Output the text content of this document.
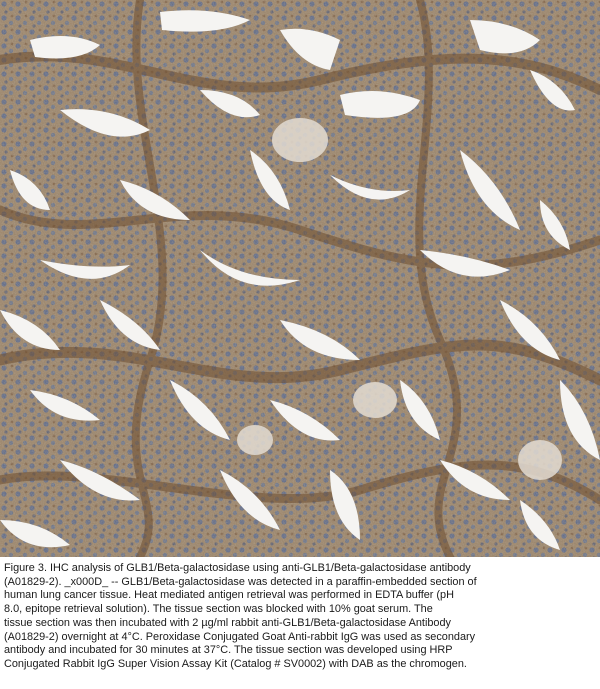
Figure 3. IHC analysis of GLB1/Beta-galactosidase using anti-GLB1/Beta-galactosidase antibody
(A01829-2). _x000D_ -- GLB1/Beta-galactosidase was detected in a paraffin-embedded section of
human lung cancer tissue. Heat mediated antigen retrieval was performed in EDTA buffer (pH
8.0, epitope retrieval solution). The tissue section was blocked with 10% goat serum. The
tissue section was then incubated with 2 µg/ml rabbit anti-GLB1/Beta-galactosidase Antibody
(A01829-2) overnight at 4°C. Peroxidase Conjugated Goat Anti-rabbit IgG was used as secondary
antibody and incubated for 30 minutes at 37°C. The tissue section was developed using HRP
Conjugated Rabbit IgG Super Vision Assay Kit (Catalog # SV0002) with DAB as the chromogen.
